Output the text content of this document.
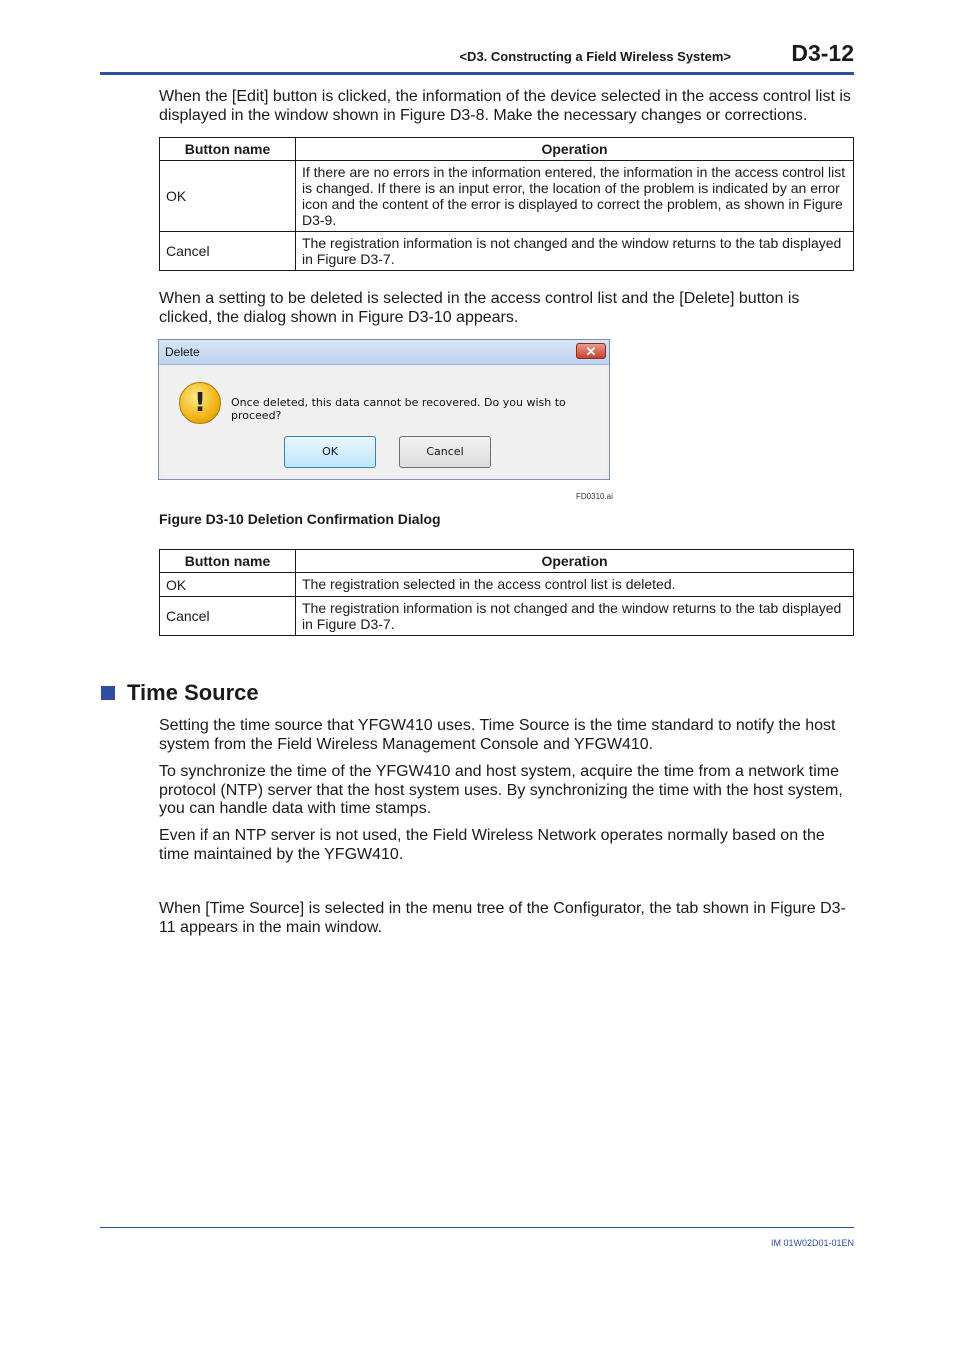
<D3. Constructing a Field Wireless System>	D3-12
When the [Edit] button is clicked, the information of the device selected in the access control list is displayed in the window shown in Figure D3-8. Make the necessary changes or corrections.
Button name	Operation
OK	If there are no errors in the information entered, the information in the access control list is changed. If there is an input error, the location of the problem is indicated by an error icon and the content of the error is displayed to correct the problem, as shown in Figure D3-9.
Cancel	The registration information is not changed and the window returns to the tab displayed in Figure D3-7.
When a setting to be deleted is selected in the access control list and the [Delete] button is clicked, the dialog shown in Figure D3-10 appears.
Delete	✕
!	Once deleted, this data cannot be recovered. Do you wish to proceed?
OK	Cancel
FD0310.ai
Figure D3-10 Deletion Confirmation Dialog
Button name	Operation
OK	The registration selected in the access control list is deleted.
Cancel	The registration information is not changed and the window returns to the tab displayed in Figure D3-7.
Time Source
Setting the time source that YFGW410 uses. Time Source is the time standard to notify the host system from the Field Wireless Management Console and YFGW410.
To synchronize the time of the YFGW410 and host system, acquire the time from a network time protocol (NTP) server that the host system uses. By synchronizing the time with the host system, you can handle data with time stamps.
Even if an NTP server is not used, the Field Wireless Network operates normally based on the time maintained by the YFGW410.
When [Time Source] is selected in the menu tree of the Configurator, the tab shown in Figure D3-11 appears in the main window.
IM 01W02D01-01EN
